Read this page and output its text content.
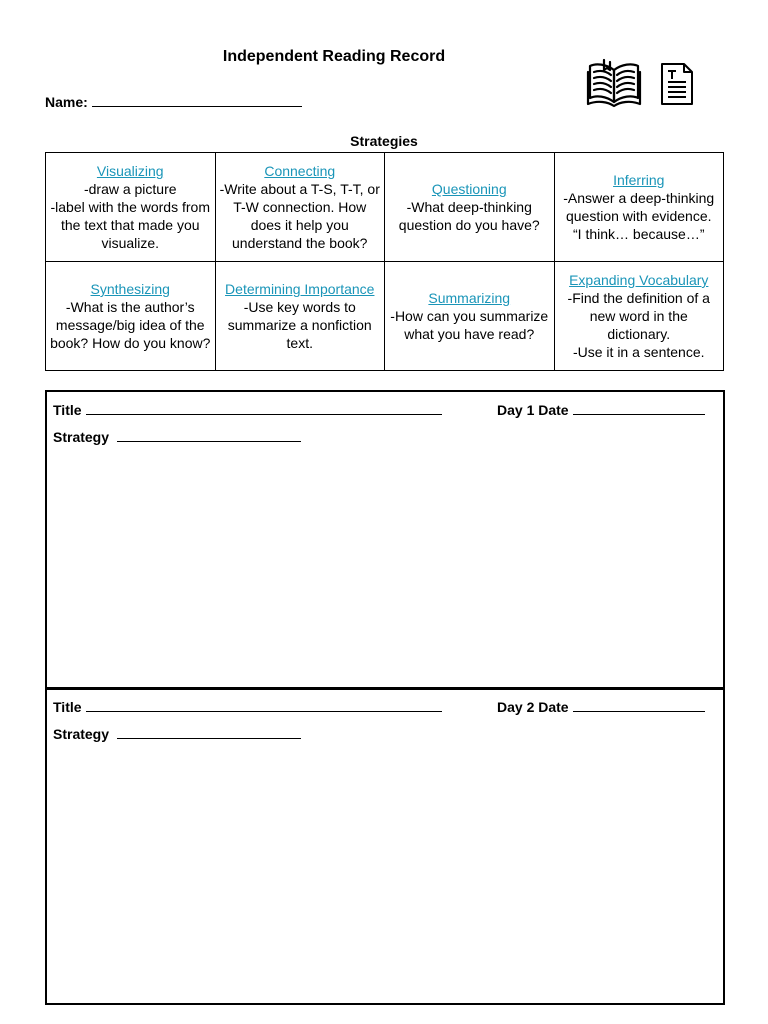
Independent Reading Record
Name:
Strategies
Visualizing
-draw a picture
-label with the words from the text that made you visualize.	Connecting
-Write about a T-S, T-T, or T-W connection. How does it help you understand the book?	Questioning
-What deep-thinking question do you have?	Inferring
-Answer a deep-thinking question with evidence.
“I think… because…”

Synthesizing
-What is the author’s message/big idea of the book? How do you know?	Determining Importance
-Use key words to summarize a nonfiction text.	Summarizing
-How can you summarize what you have read?	Expanding Vocabulary
-Find the definition of a new word in the dictionary.
-Use it in a sentence.
Title	Day 1 Date
Strategy
Title	Day 2 Date
Strategy
